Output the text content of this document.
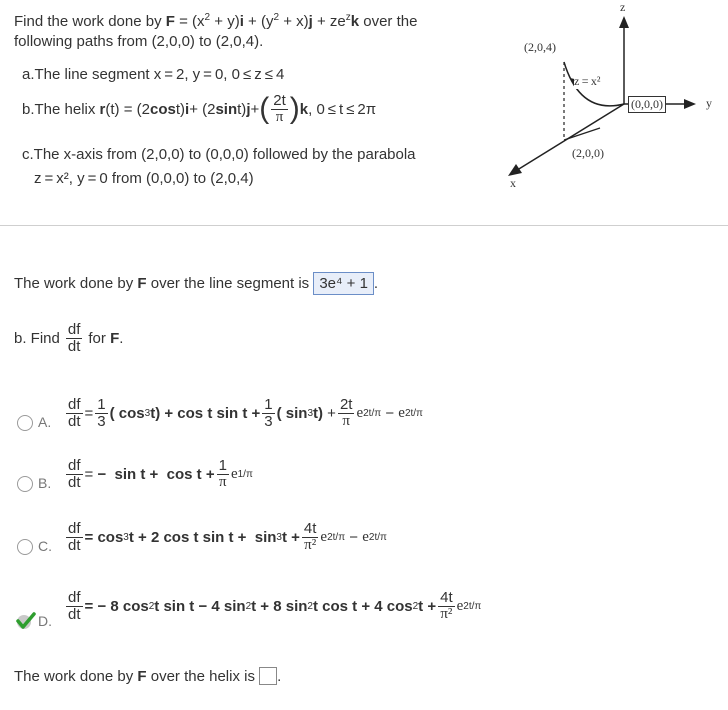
Find the work done by $F = (x^2 + y)i + (y^2 + x)j + ze^zk$ over the
following paths from (2,0,0) to (2,0,4).
a.The line segment x = 2, y = 0, 0 ≤ z ≤ 4
b.The helix
r (t) = (2 cos t) i + (2 sin t) j + ( $\frac{2t}{\pi}$ ) k , 0 ≤ t ≤ 2π
c.The x-axis from (2,0,0) to (0,0,0) followed by the parabola
z = x², y = 0 from (0,0,0) to (2,0,4)
z
y
x
(2,0,4)
(0,0,0)
(2,0,0)
z = x²
The work done by
F
over the line segment is
3e⁴ + 1 .
b. Find $\frac{df}{dt}$ for
F .
A. $\frac{df}{dt} = \frac{1}{3}$ ( cos 3 t)
+ cos t $\sin t + \frac{1}{3}$ ( sin 3 t)
+ $\frac{2t}{\pi}$ e 2t/π
−
e 2t/π
B. $\frac{df}{dt}$ =
−  $\sin t + \cos t + \frac{1}{\pi}$ e 1/π
C. $\frac{df}{dt} = \cos 3$ t + 2 cos t sin t +  sin 3 $t + \frac{4t}{\text{π²}}$ e 2t/π
−
e 2t/π
D. $\frac{df}{dt}$ = − 8 cos 2 t sin t − 4 sin 2 t + 8 sin 2 t cos t + 4 cos 2 $t + \frac{4t}{\text{π²}}$ e 2t/π
The work done by
F
over the helix is
.
